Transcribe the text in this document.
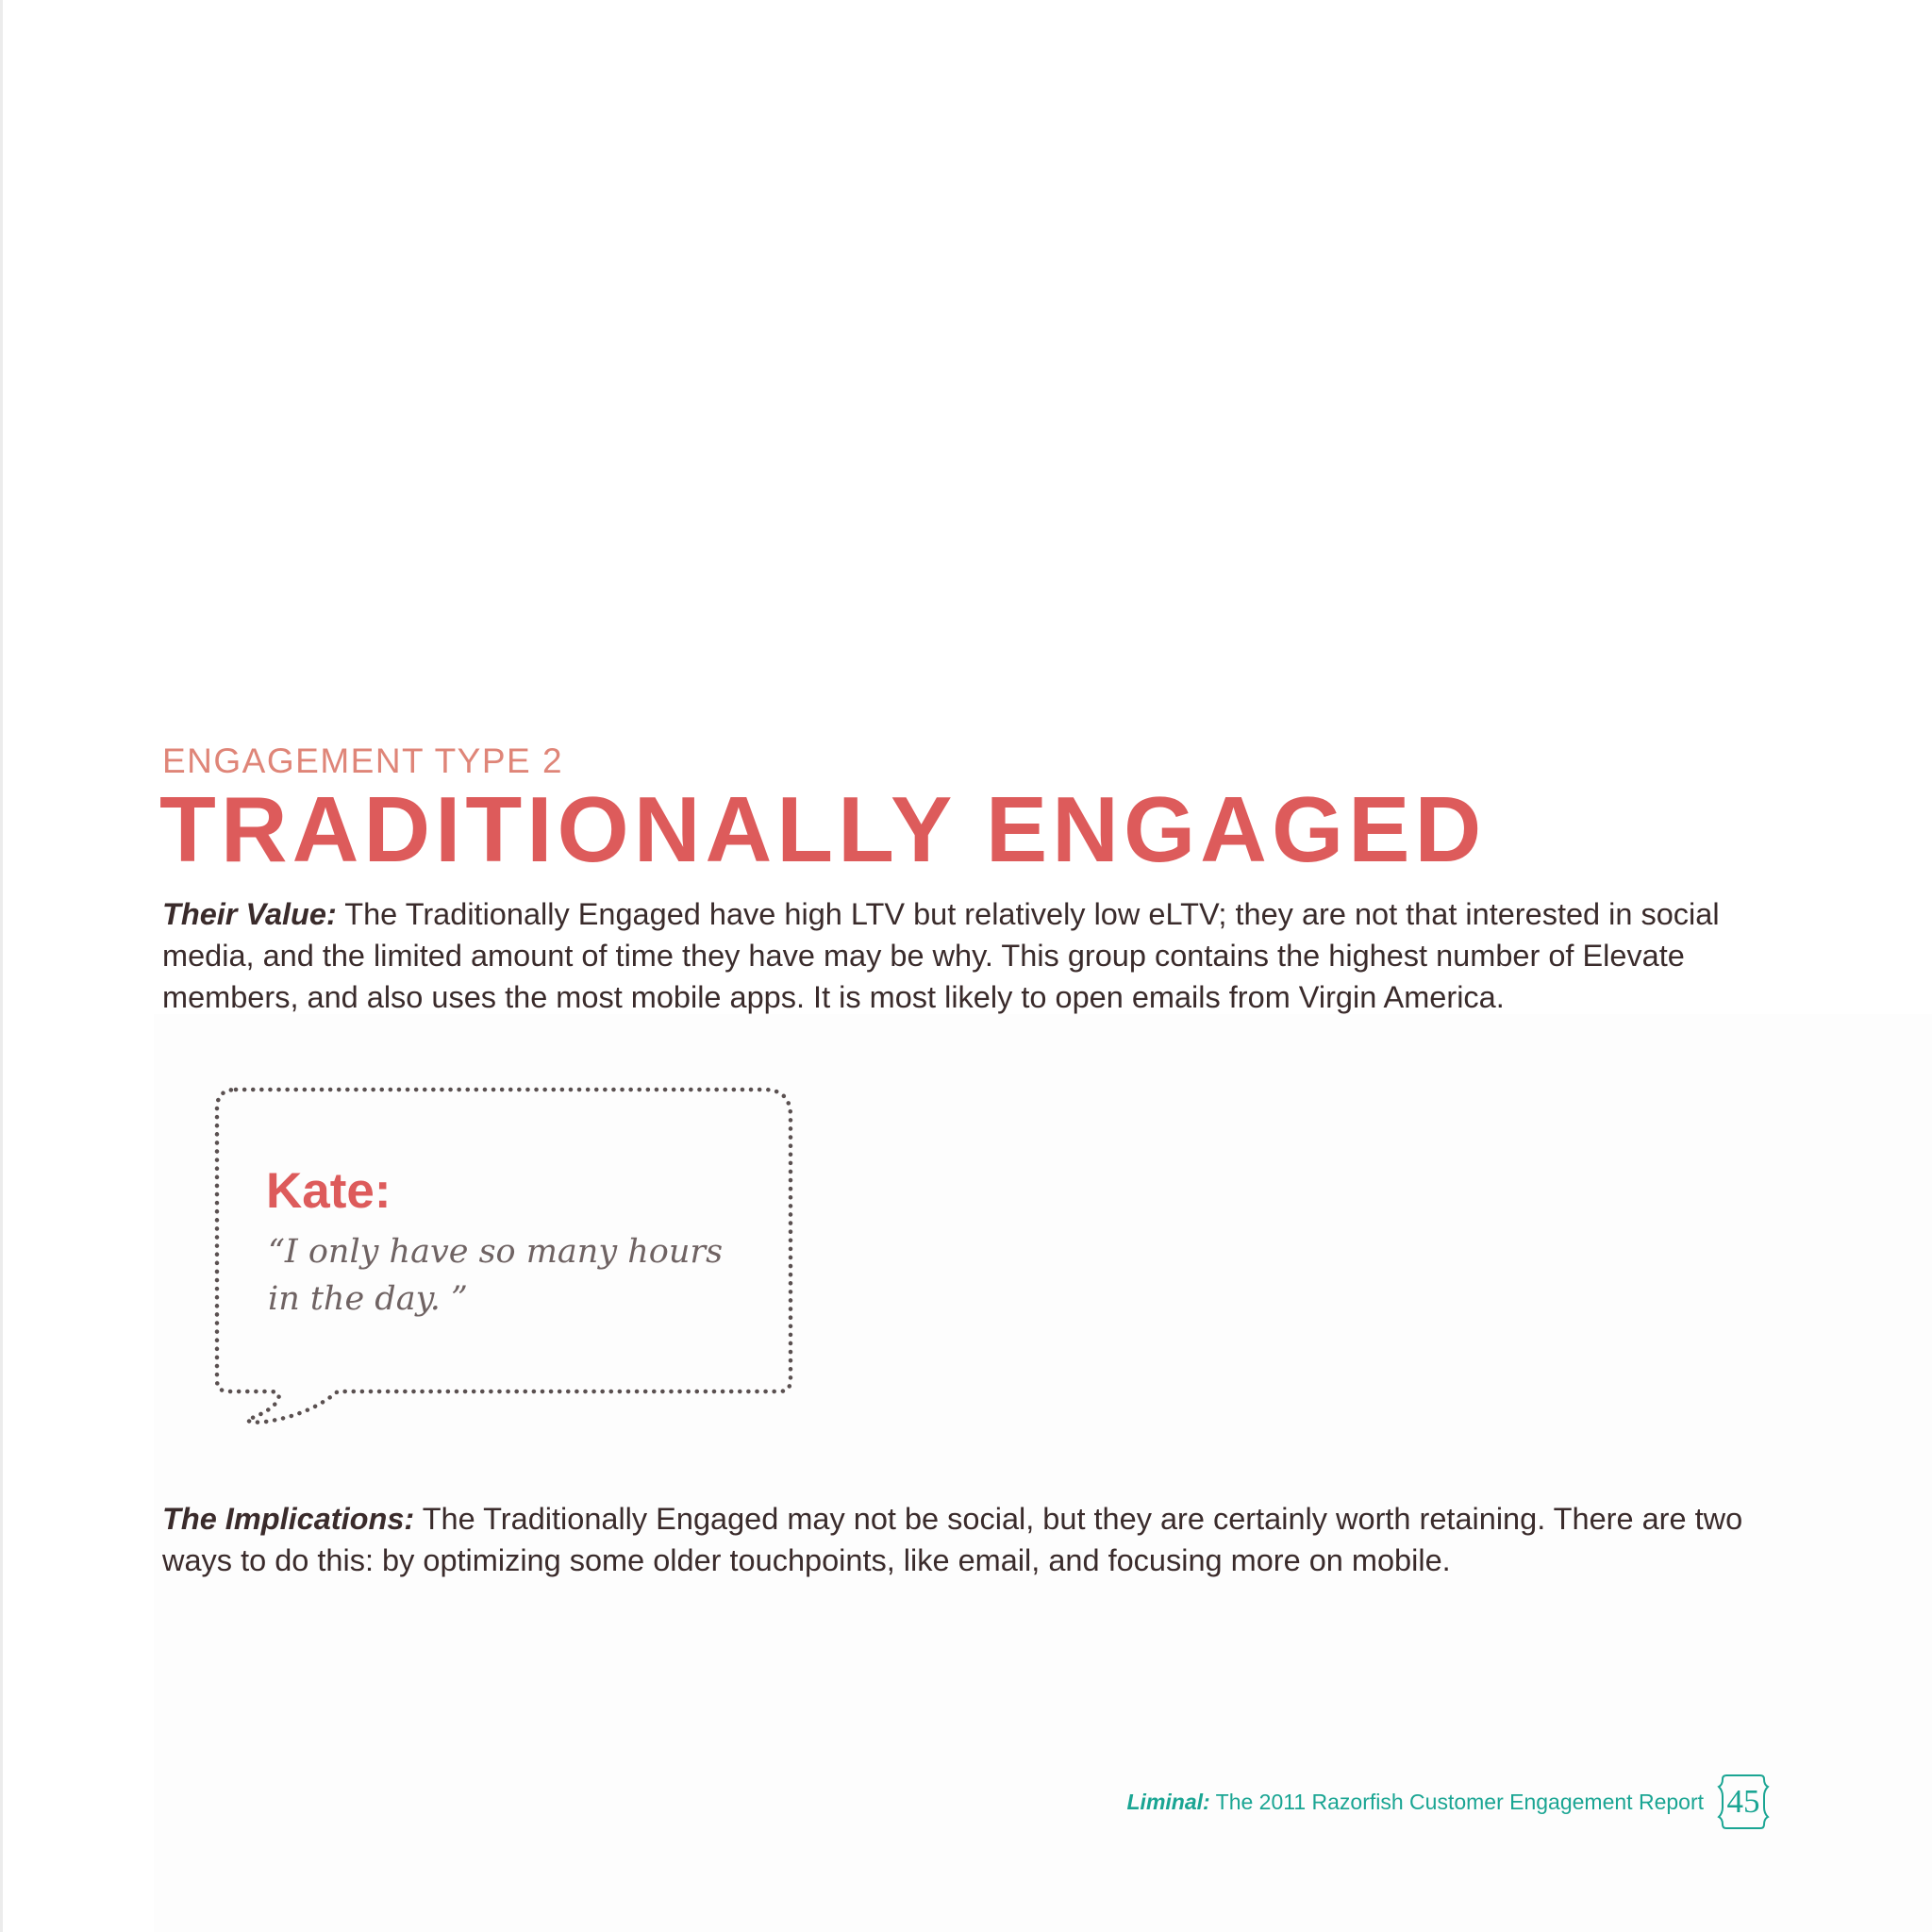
ENGAGEMENT TYPE 2
TRADITIONALLY ENGAGED

Their Value: The Traditionally Engaged have high LTV but relatively low eLTV; they are not that interested in social media, and the limited amount of time they have may be why. This group contains the highest number of Elevate members, and also uses the most mobile apps. It is most likely to open emails from Virgin America.

Kate:
“I only have so many hours in the day. ”

The Implications: The Traditionally Engaged may not be social, but they are certainly worth retaining. There are two ways to do this: by optimizing some older touchpoints, like email, and focusing more on mobile.

Liminal: The 2011 Razorfish Customer Engagement Report 45
